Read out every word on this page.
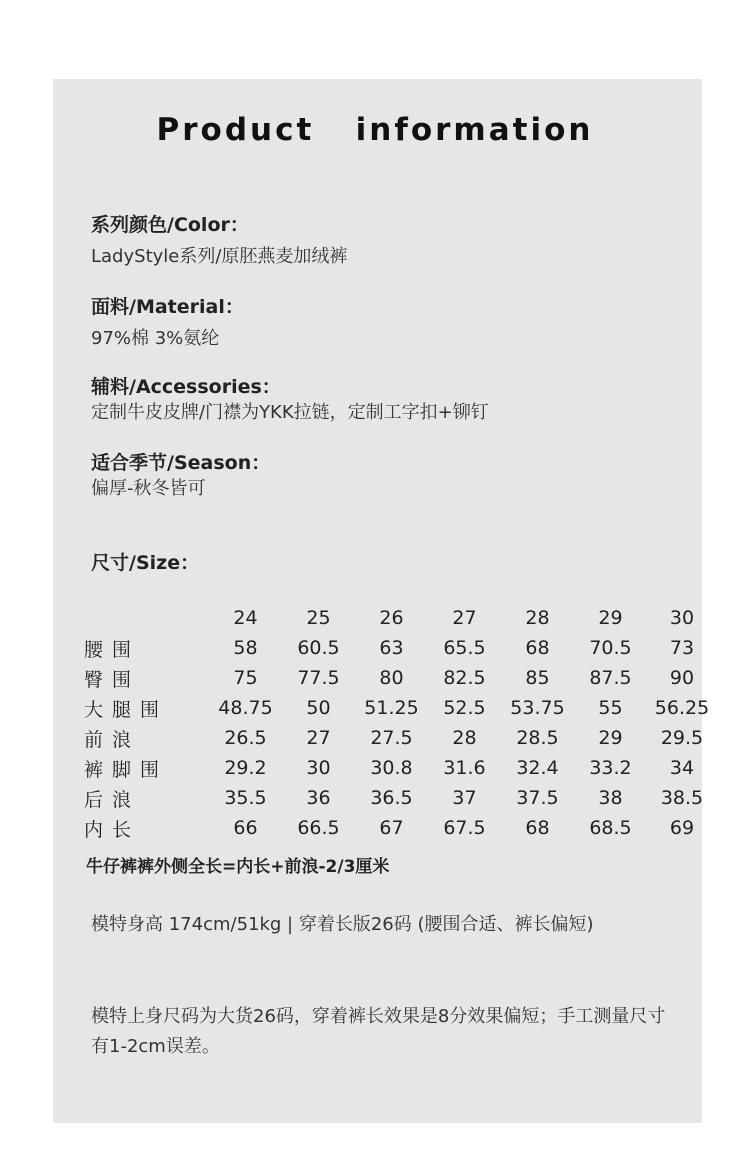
Product   information
系列颜色/Color：
LadyStyle系列/原胚燕麦加绒裤
面料/Material：
97%棉 3%氨纶
辅料/Accessories：
定制牛皮皮牌/门襟为YKK拉链，定制工字扣+铆钉
适合季节/Season：
偏厚-秋冬皆可
尺寸/Size：
	24	25	26	27	28	29	30
腰 围	58	60.5	63	65.5	68	70.5	73
臀 围	75	77.5	80	82.5	85	87.5	90
大 腿 围	48.75	50	51.25	52.5	53.75	55	56.25
前 浪	26.5	27	27.5	28	28.5	29	29.5
裤 脚 围	29.2	30	30.8	31.6	32.4	33.2	34
后 浪	35.5	36	36.5	37	37.5	38	38.5
内 长	66	66.5	67	67.5	68	68.5	69
牛仔裤裤外侧全长=内长+前浪-2/3厘米
模特身高 174cm/51kg | 穿着长版26码 (腰围合适、裤长偏短)
模特上身尺码为大货26码，穿着裤长效果是8分效果偏短；手工测量尺寸有1-2cm误差。
